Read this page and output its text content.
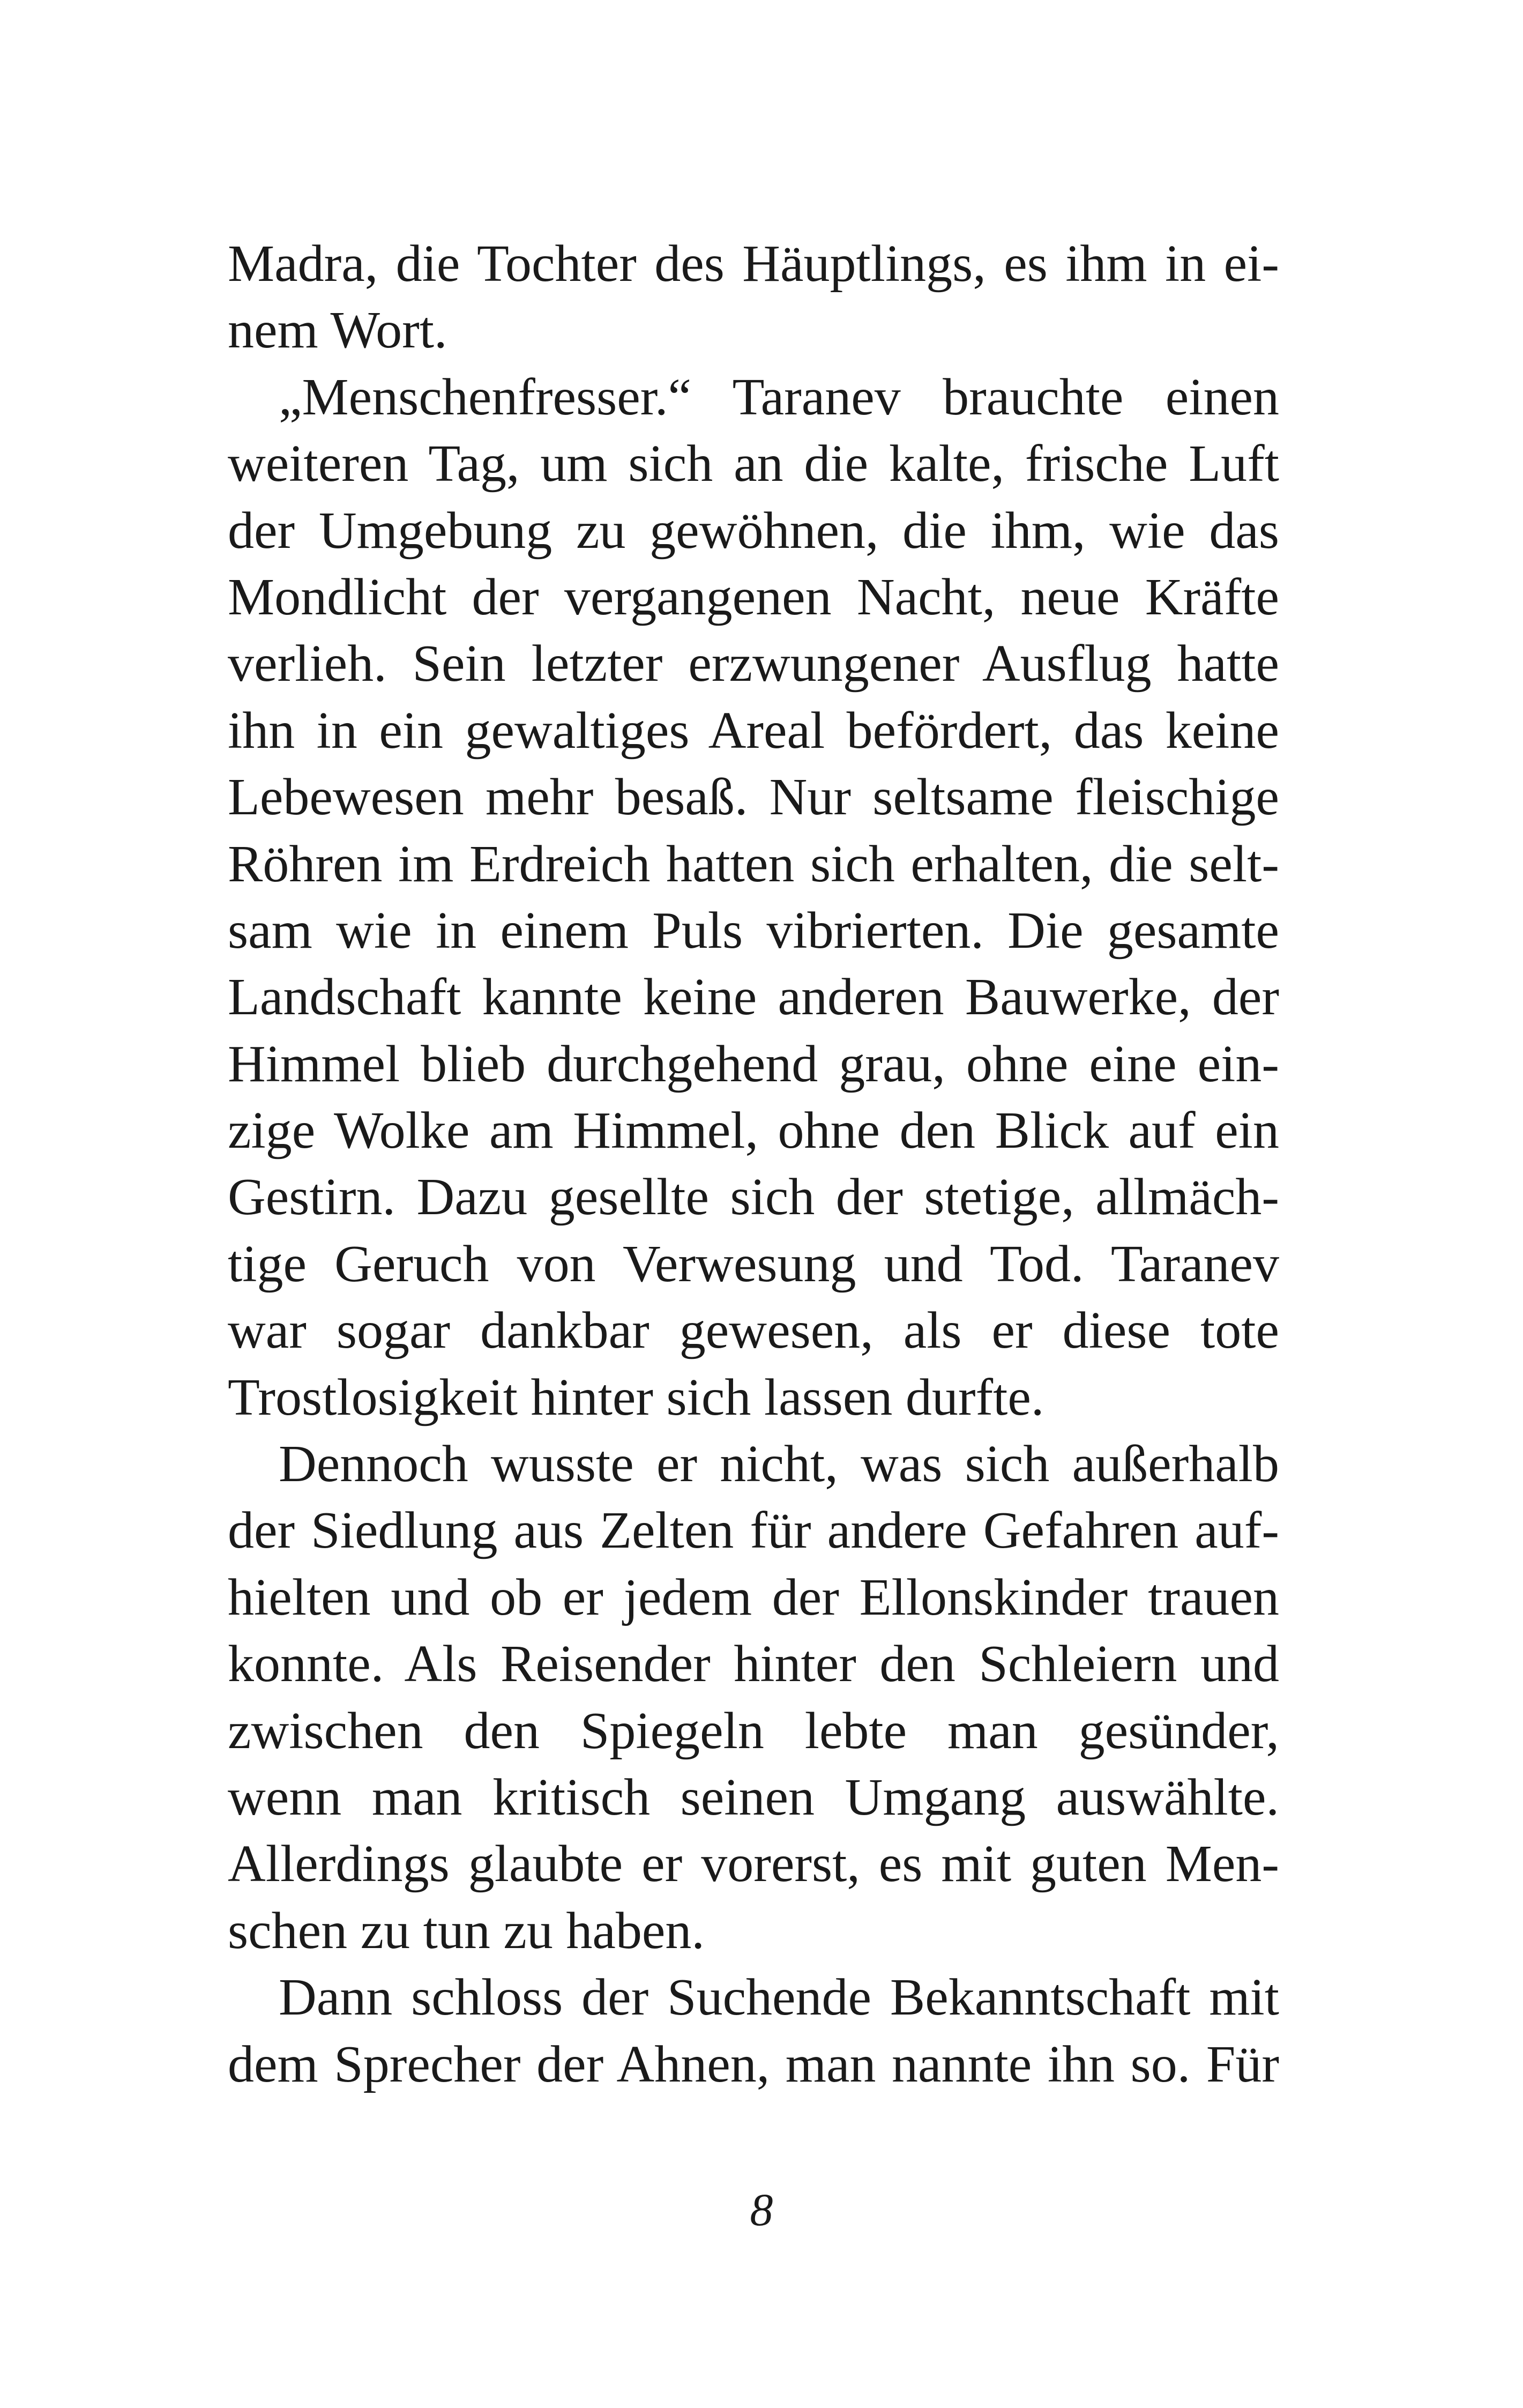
Madra, die Tochter des Häuptlings, es ihm in ei-
nem Wort.
„Menschenfresser.“ Taranev brauchte einen
weiteren Tag, um sich an die kalte, frische Luft
der Umgebung zu gewöhnen, die ihm, wie das
Mondlicht der vergangenen Nacht, neue Kräfte
verlieh. Sein letzter erzwungener Ausflug hatte
ihn in ein gewaltiges Areal befördert, das keine
Lebewesen mehr besaß. Nur seltsame fleischige
Röhren im Erdreich hatten sich erhalten, die selt-
sam wie in einem Puls vibrierten. Die gesamte
Landschaft kannte keine anderen Bauwerke, der
Himmel blieb durchgehend grau, ohne eine ein-
zige Wolke am Himmel, ohne den Blick auf ein
Gestirn. Dazu gesellte sich der stetige, allmäch-
tige Geruch von Verwesung und Tod. Taranev
war sogar dankbar gewesen, als er diese tote
Trostlosigkeit hinter sich lassen durfte.
Dennoch wusste er nicht, was sich außerhalb
der Siedlung aus Zelten für andere Gefahren auf-
hielten und ob er jedem der Ellonskinder trauen
konnte. Als Reisender hinter den Schleiern und
zwischen den Spiegeln lebte man gesünder,
wenn man kritisch seinen Umgang auswählte.
Allerdings glaubte er vorerst, es mit guten Men-
schen zu tun zu haben.
Dann schloss der Suchende Bekanntschaft mit
dem Sprecher der Ahnen, man nannte ihn so. Für
8
